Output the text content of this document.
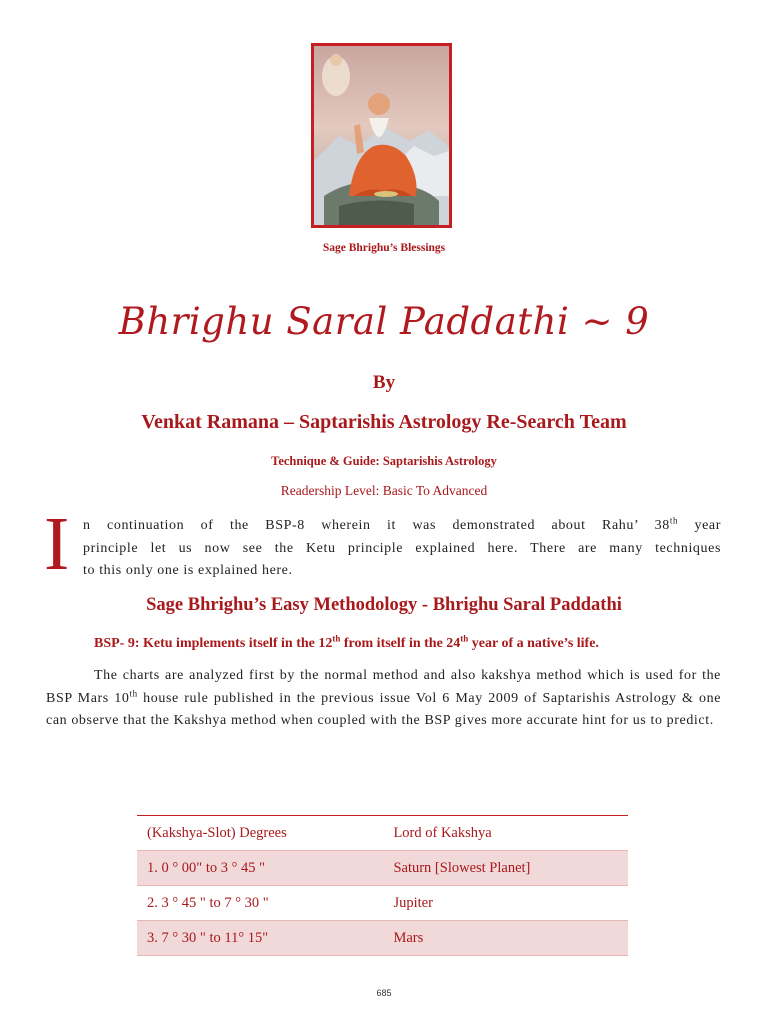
Sage Bhrighu’s Blessings
Bhrighu Saral Paddathi ~ 9
By
Venkat Ramana – Saptarishis Astrology Re-Search Team
Technique & Guide: Saptarishis Astrology
Readership Level: Basic To Advanced
I n continuation of the BSP-8 wherein it was demonstrated about Rahu’ 38th year
principle let us now see the Ketu principle explained here. There are many techniques
to this only one is explained here.
Sage Bhrighu’s Easy Methodology - Bhrighu Saral Paddathi
BSP- 9: Ketu implements itself in the 12th from itself in the 24th year of a native’s life.
The charts are analyzed first by the normal method and also kakshya method which is used for the BSP Mars 10th house rule published in the previous issue Vol 6 May 2009 of Saptarishis Astrology & one can observe that the Kakshya method when coupled with the BSP gives more accurate hint for us to predict.
(Kakshya-Slot) Degrees	Lord of Kakshya
1. 0 ° 00" to 3 ° 45 "	Saturn [Slowest Planet]
2. 3 ° 45 " to 7 ° 30 "	Jupiter
3. 7 ° 30 " to 11° 15"	Mars
685
